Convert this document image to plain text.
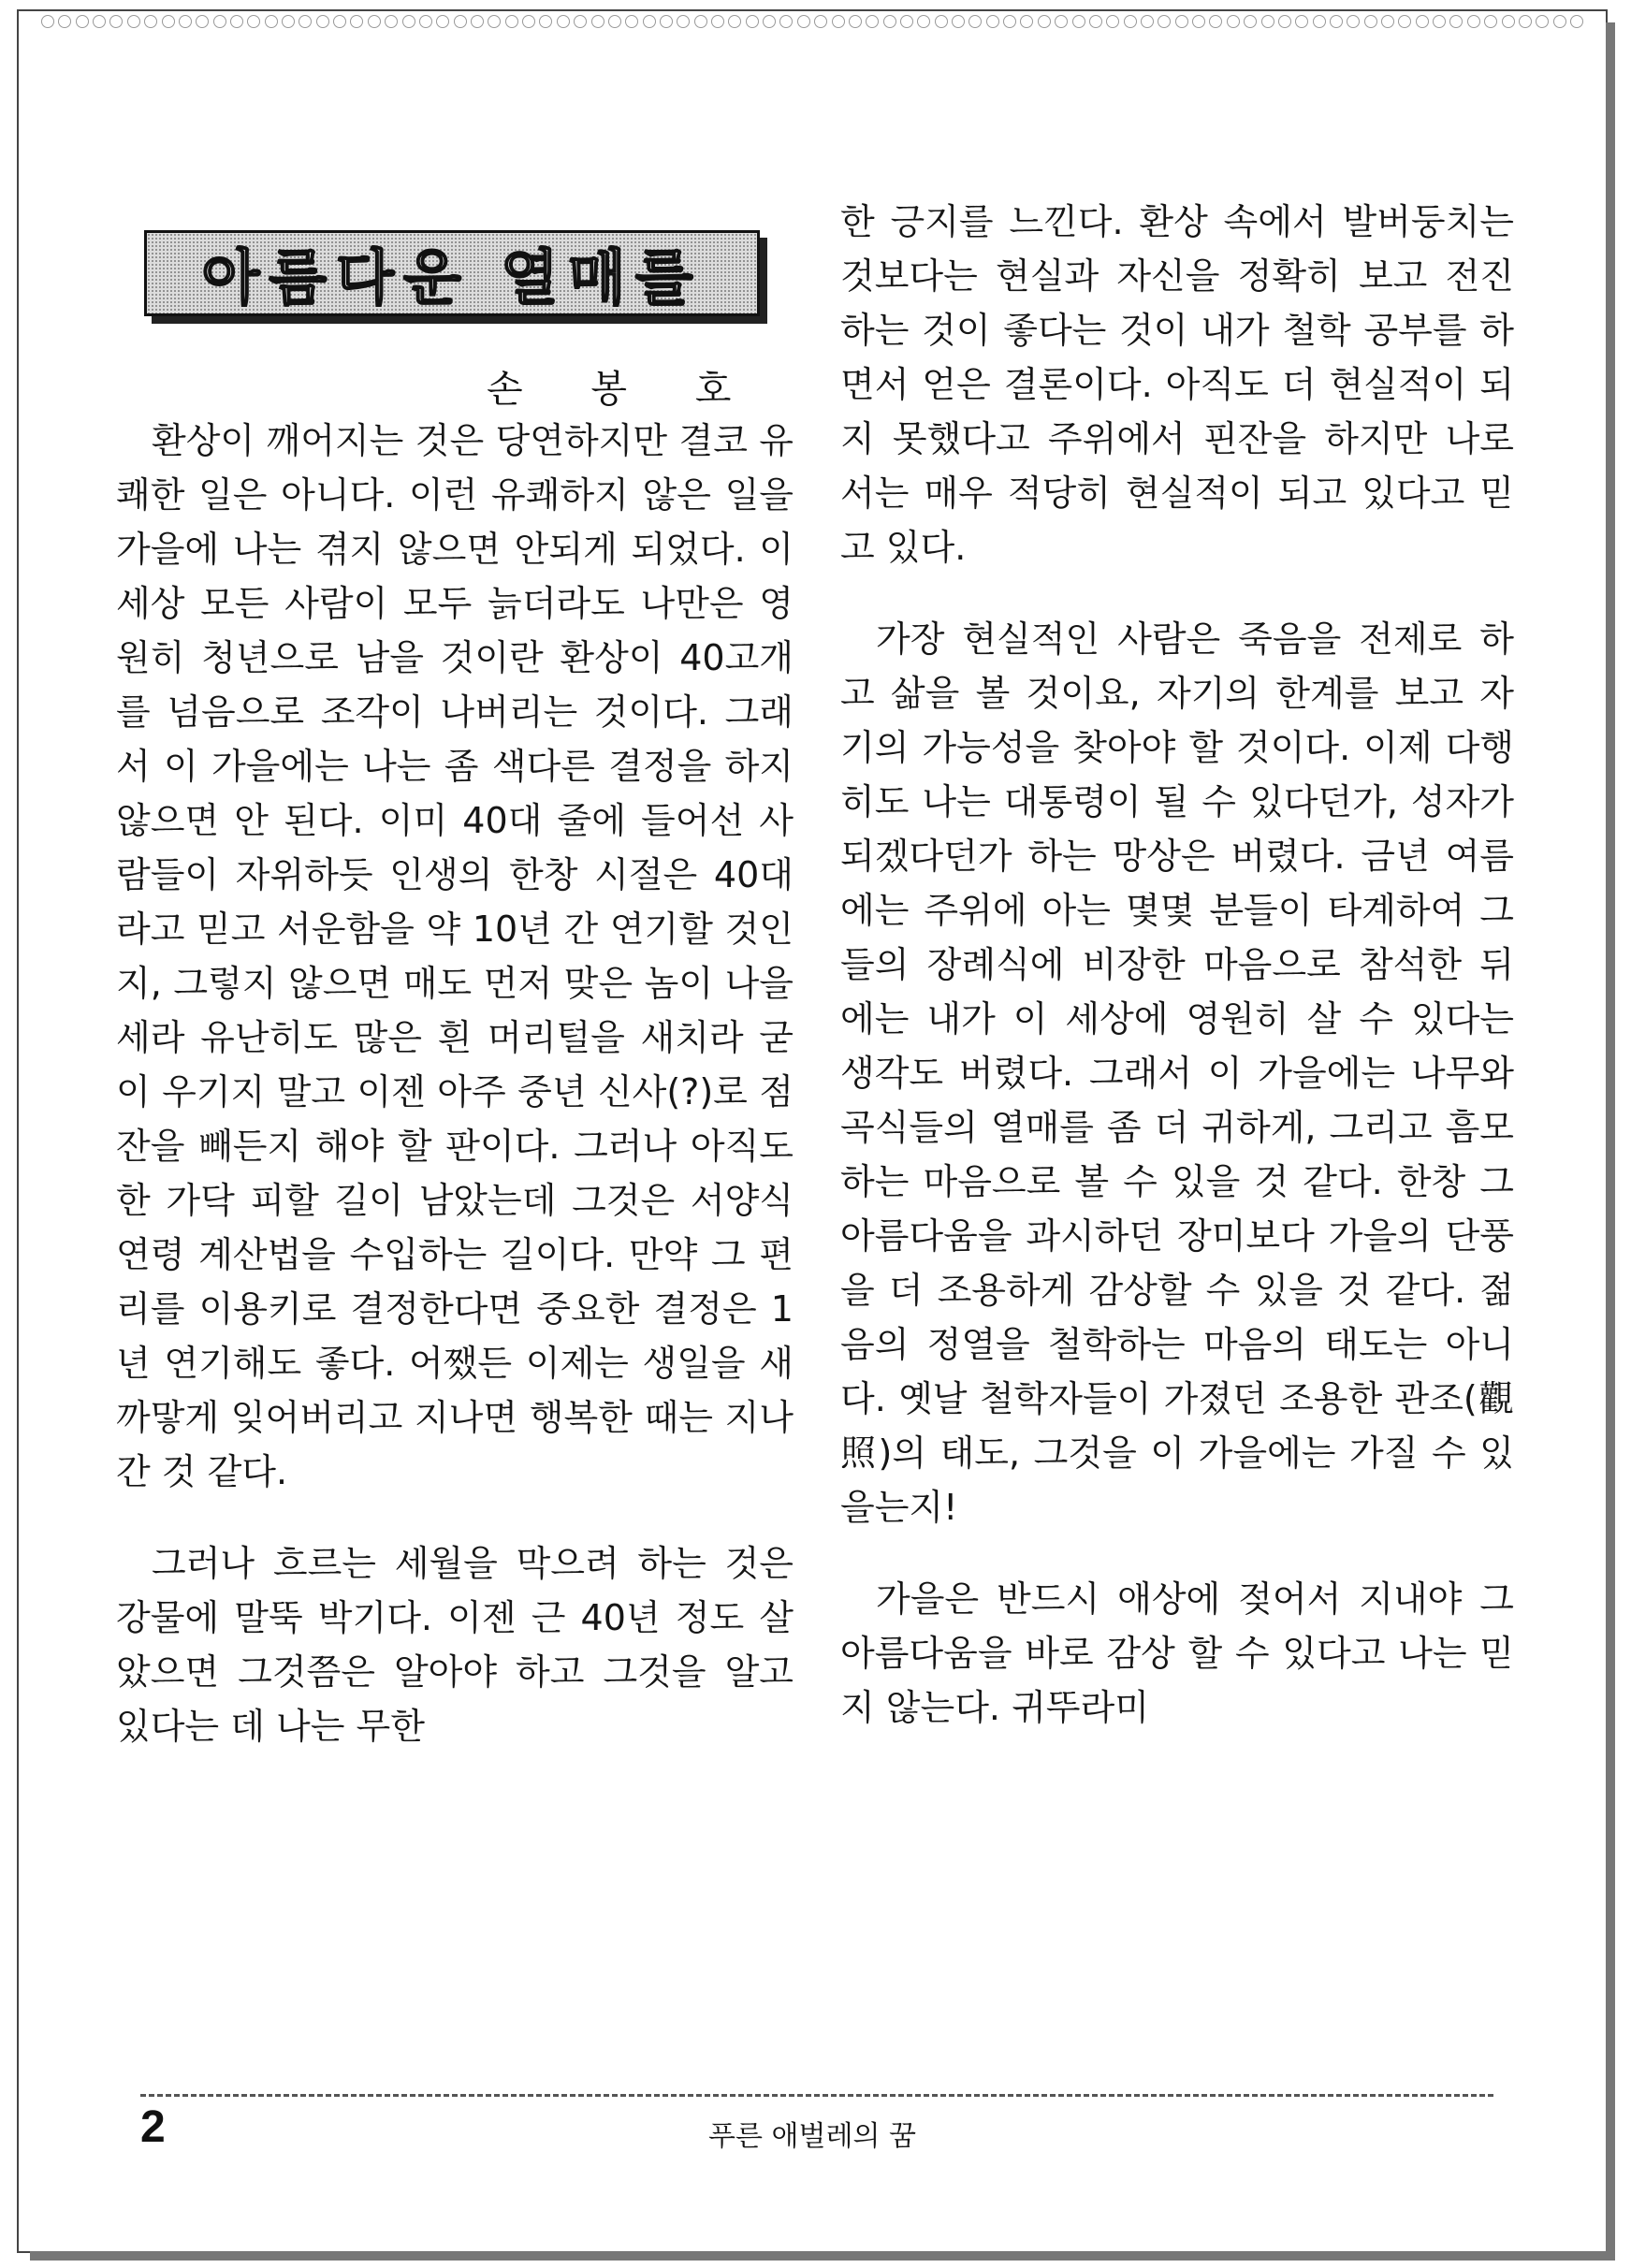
아름다운 열매를
손 봉 호

환상이 깨어지는 것은 당연하지만 결코 유쾌한 일은 아니다. 이런 유쾌하지 않은 일을 가을에 나는 겪지 않으면 안되게 되었다. 이 세상 모든 사람이 모두 늙더라도 나만은 영원히 청년으로 남을 것이란 환상이 40고개를 넘음으로 조각이 나버리는 것이다. 그래서 이 가을에는 나는 좀 색다른 결정을 하지 않으면 안 된다. 이미 40대 줄에 들어선 사람들이 자위하듯 인생의 한창 시절은 40대라고 믿고 서운함을 약 10년 간 연기할 것인지, 그렇지 않으면 매도 먼저 맞은 놈이 나을세라 유난히도 많은 흰 머리털을 새치라 굳이 우기지 말고 이젠 아주 중년 신사(?)로 점잔을 빼든지 해야 할 판이다. 그러나 아직도 한 가닥 피할 길이 남았는데 그것은 서양식 연령 계산법을 수입하는 길이다. 만약 그 편리를 이용키로 결정한다면 중요한 결정은 1년 연기해도 좋다. 어쨌든 이제는 생일을 새까맣게 잊어버리고 지나면 행복한 때는 지나간 것 같다.

그러나 흐르는 세월을 막으려 하는 것은 강물에 말뚝 박기다. 이젠 근 40년 정도 살았으면 그것쯤은 알아야 하고 그것을 알고 있다는 데 나는 무한

한 긍지를 느낀다. 환상 속에서 발버둥치는 것보다는 현실과 자신을 정확히 보고 전진하는 것이 좋다는 것이 내가 철학 공부를 하면서 얻은 결론이다. 아직도 더 현실적이 되지 못했다고 주위에서 핀잔을 하지만 나로서는 매우 적당히 현실적이 되고 있다고 믿고 있다.

가장 현실적인 사람은 죽음을 전제로 하고 삶을 볼 것이요, 자기의 한계를 보고 자기의 가능성을 찾아야 할 것이다. 이제 다행히도 나는 대통령이 될 수 있다던가, 성자가 되겠다던가 하는 망상은 버렸다. 금년 여름에는 주위에 아는 몇몇 분들이 타계하여 그들의 장례식에 비장한 마음으로 참석한 뒤에는 내가 이 세상에 영원히 살 수 있다는 생각도 버렸다. 그래서 이 가을에는 나무와 곡식들의 열매를 좀 더 귀하게, 그리고 흠모하는 마음으로 볼 수 있을 것 같다. 한창 그 아름다움을 과시하던 장미보다 가을의 단풍을 더 조용하게 감상할 수 있을 것 같다. 젊음의 정열을 철학하는 마음의 태도는 아니다. 옛날 철학자들이 가졌던 조용한 관조(觀照)의 태도, 그것을 이 가을에는 가질 수 있을는지!

가을은 반드시 애상에 젖어서 지내야 그 아름다움을 바로 감상 할 수 있다고 나는 믿지 않는다. 귀뚜라미

2	푸른 애벌레의 꿈
